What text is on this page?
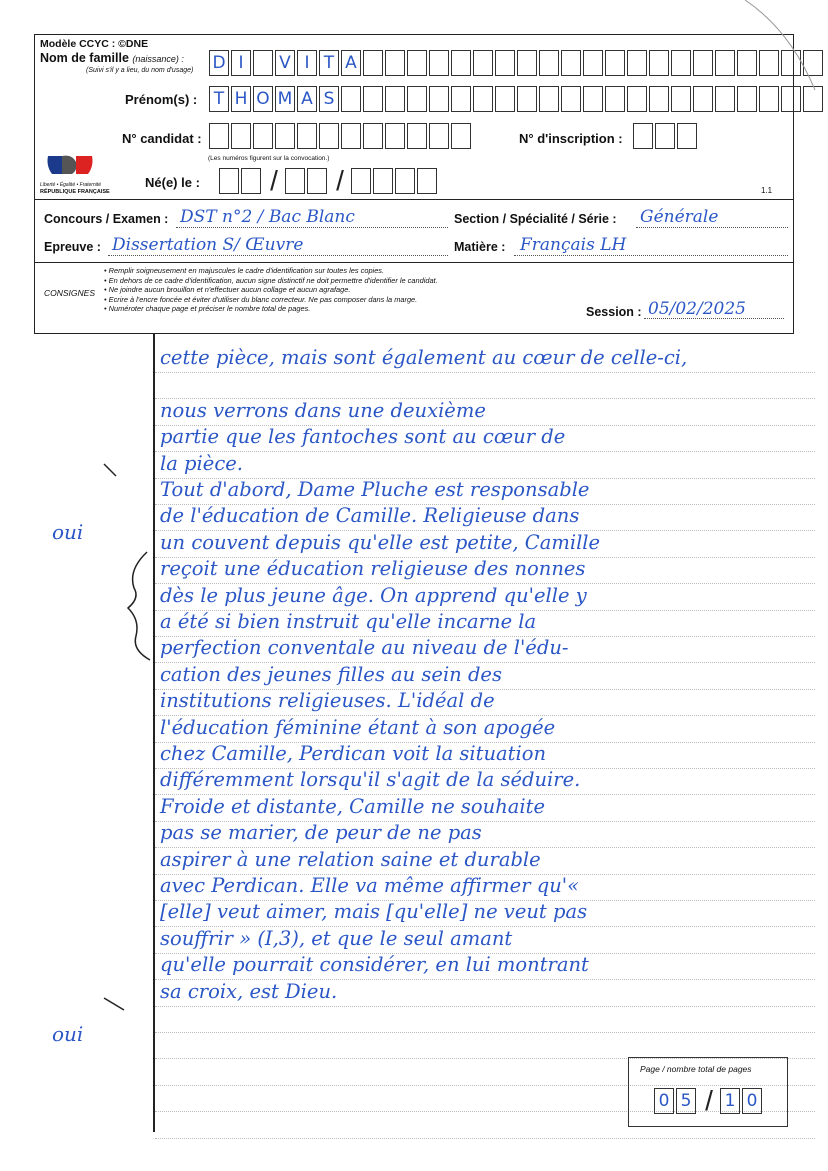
Modèle CCYC : ©DNE
Nom de famille (naissance) :
(Suivi s'il y a lieu, du nom d'usage) D I	V I T A
Prénom(s) : T H O M A S
N° candidat :
(Les numéros figurent sur la convocation.)
N° d'inscription :
Liberté • Égalité • Fraternité
RÉPUBLIQUE FRANÇAISE
Né(e) le :	/ /	1.1
Concours / Examen : DST n°2 / Bac Blanc	Section / Spécialité / Série : Générale
Epreuve : Dissertation S/ Œuvre	Matière : Français LH
CONSIGNES
• Remplir soigneusement en majuscules le cadre d'identification sur toutes les copies.
• En dehors de ce cadre d'identification, aucun signe distinctif ne doit permettre d'identifier le candidat.
• Ne joindre aucun brouillon et n'effectuer aucun collage et aucun agrafage.
• Ecrire à l'encre foncée et éviter d'utiliser du blanc correcteur. Ne pas composer dans la marge.
• Numéroter chaque page et préciser le nombre total de pages.	Session : 05/02/2025
cette pièce, mais sont également au cœur de celle-ci,
nous verrons dans une deuxième
partie que les fantoches sont au cœur de
la pièce.
Tout d'abord, Dame Pluche est responsable
de l'éducation de Camille. Religieuse dans
un couvent depuis qu'elle est petite, Camille
reçoit une éducation religieuse des nonnes
dès le plus jeune âge. On apprend qu'elle y
a été si bien instruit qu'elle incarne la
perfection conventale au niveau de l'édu-
cation des jeunes filles au sein des
institutions religieuses. L'idéal de
l'éducation féminine étant à son apogée
chez Camille, Perdican voit la situation
différemment lorsqu'il s'agit de la séduire.
Froide et distante, Camille ne souhaite
pas se marier, de peur de ne pas
aspirer à une relation saine et durable
avec Perdican. Elle va même affirmer qu'«
[elle] veut aimer, mais [qu'elle] ne veut pas
souffrir » (I,3), et que le seul amant
qu'elle pourrait considérer, en lui montrant
sa croix, est Dieu.
oui
oui
Page / nombre total de pages
0 5 / 1 0
